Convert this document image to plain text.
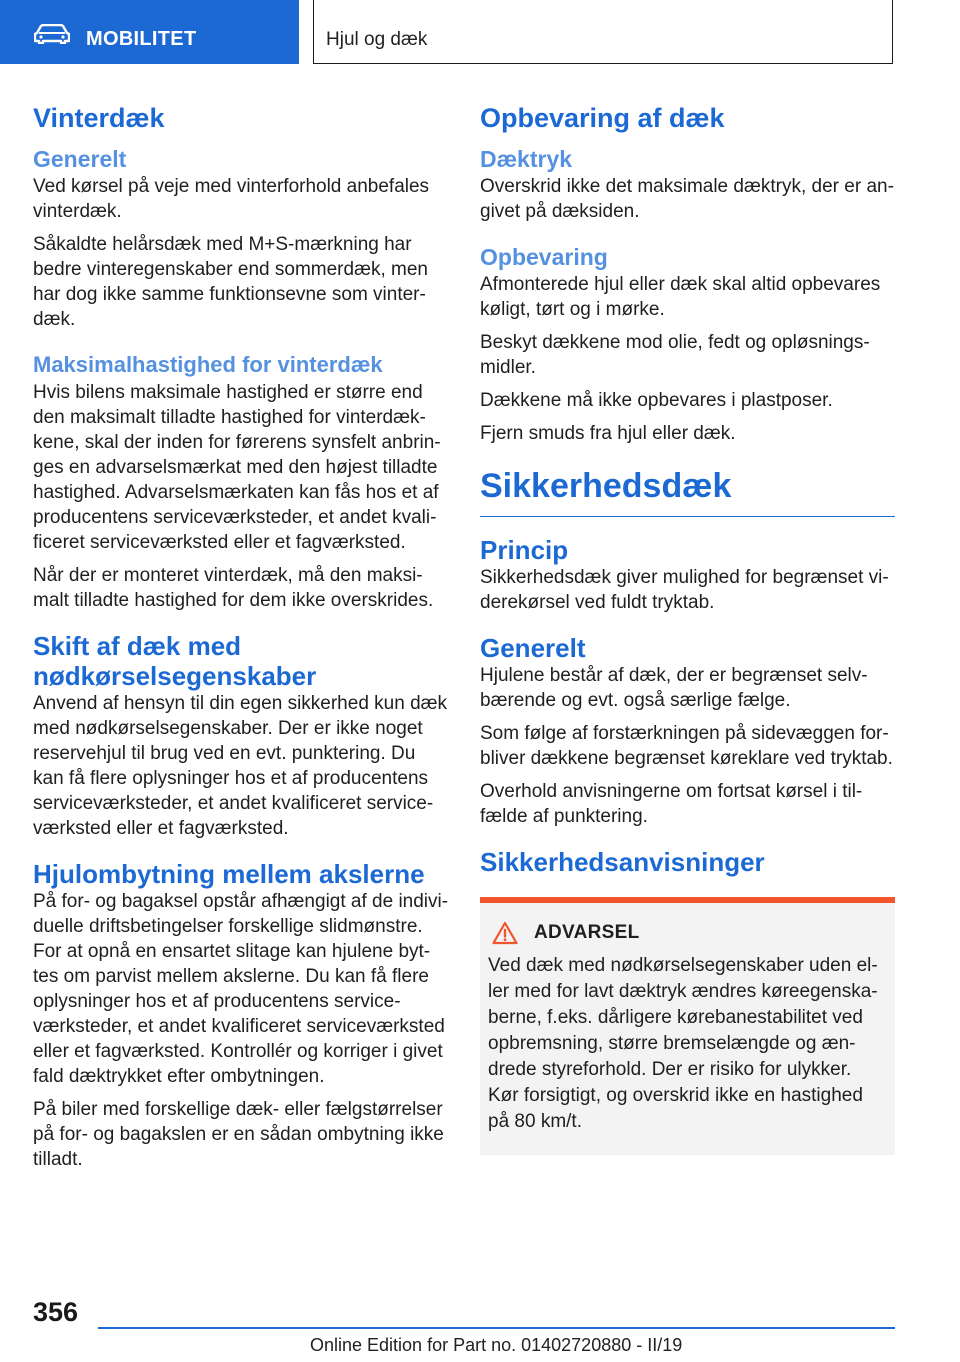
MOBILITET	Hjul og dæk
Vinterdæk
Generelt

Ved kørsel på veje med vinterforhold anbefales vinterdæk.

Såkaldte helårsdæk med M+S-mærkning har bedre vinteregenskaber end sommerdæk, men har dog ikke samme funktionsevne som vinter-dæk.

Maksimalhastighed for vinterdæk

Hvis bilens maksimale hastighed er større end den maksimalt tilladte hastighed for vinterdæk-kene, skal der inden for førerens synsfelt anbrin-ges en advarselsmærkat med den højest tilladte hastighed. Advarselsmærkaten kan fås hos et af producentens serviceværksteder, et andet kvali-ficeret serviceværksted eller et fagværksted.

Når der er monteret vinterdæk, må den maksi-malt tilladte hastighed for dem ikke overskrides.

Skift af dæk med nødkørselsegenskaber

Anvend af hensyn til din egen sikkerhed kun dæk med nødkørselsegenskaber. Der er ikke noget reservehjul til brug ved en evt. punktering. Du kan få flere oplysninger hos et af producentens serviceværksteder, et andet kvalificeret service-værksted eller et fagværksted.

Hjulombytning mellem akslerne

På for- og bagaksel opstår afhængigt af de indivi-duelle driftsbetingelser forskellige slidmønstre. For at opnå en ensartet slitage kan hjulene byt-tes om parvist mellem akslerne. Du kan få flere oplysninger hos et af producentens service-værksteder, et andet kvalificeret serviceværksted eller et fagværksted. Kontrollér og korriger i givet fald dæktrykket efter ombytningen.

På biler med forskellige dæk- eller fælgstørrelser på for- og bagakslen er en sådan ombytning ikke tilladt.

Opbevaring af dæk
Dæktryk

Overskrid ikke det maksimale dæktryk, der er an-givet på dæksiden.

Opbevaring

Afmonterede hjul eller dæk skal altid opbevares køligt, tørt og i mørke.

Beskyt dækkene mod olie, fedt og opløsnings-midler.

Dækkene må ikke opbevares i plastposer.

Fjern smuds fra hjul eller dæk.

Sikkerhedsdæk
Princip

Sikkerhedsdæk giver mulighed for begrænset vi-derekørsel ved fuldt tryktab.

Generelt

Hjulene består af dæk, der er begrænset selv-bærende og evt. også særlige fælge.

Som følge af forstærkningen på sidevæggen for-bliver dækkene begrænset køreklare ved tryktab.

Overhold anvisningerne om fortsat kørsel i til-fælde af punktering.

Sikkerhedsanvisninger
ADVARSEL
Ved dæk med nødkørselsegenskaber uden el-ler med for lavt dæktryk ændres køreegenska-berne, f.eks. dårligere kørebanestabilitet ved opbremsning, større bremselængde og æn-drede styreforhold. Der er risiko for ulykker. Kør forsigtigt, og overskrid ikke en hastighed på 80 km/t.
356
Online Edition for Part no. 01402720880 - II/19
